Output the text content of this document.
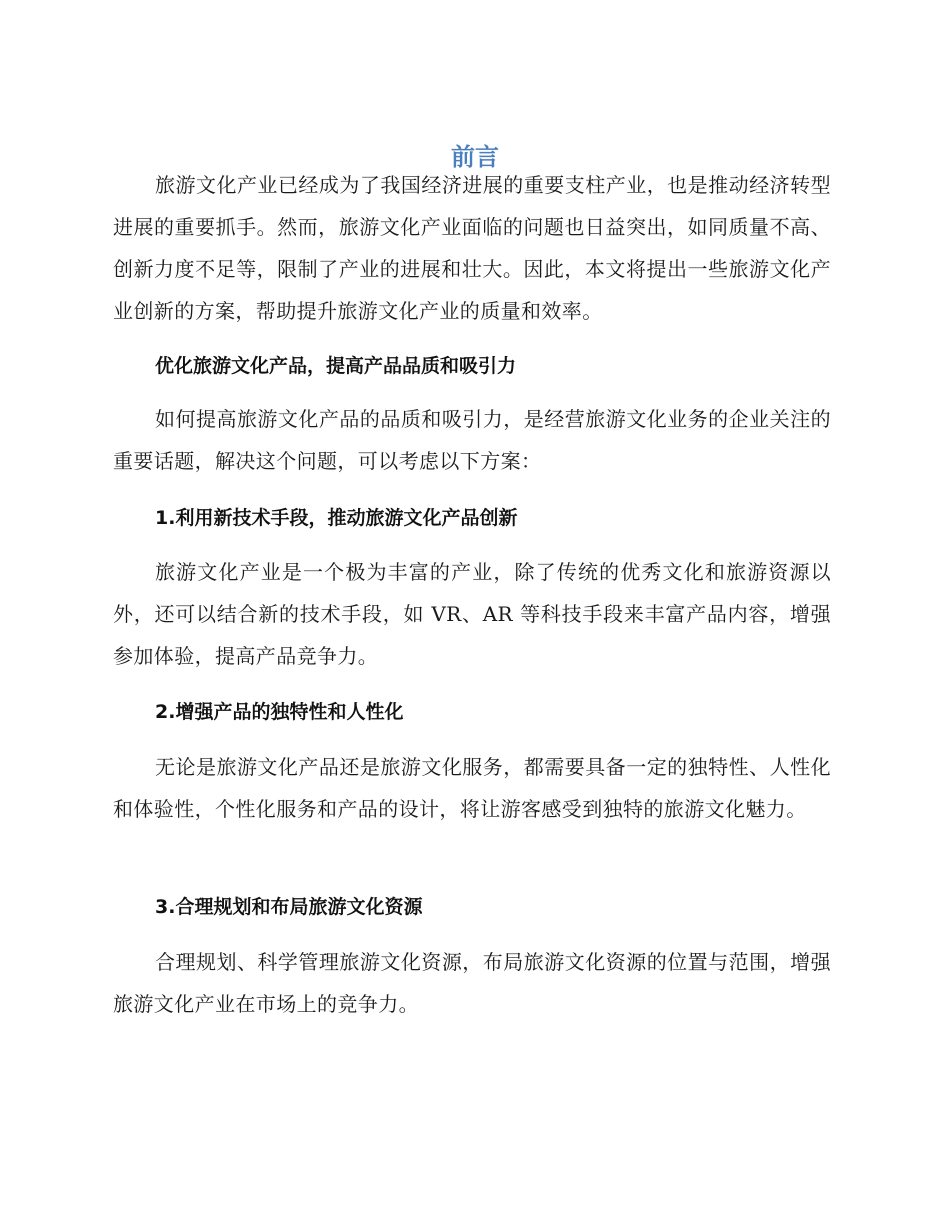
前言

旅游文化产业已经成为了我国经济进展的重要支柱产业，也是推动经济转型进展的重要抓手。然而，旅游文化产业面临的问题也日益突出，如同质量不高、创新力度不足等，限制了产业的进展和壮大。因此，本文将提出一些旅游文化产业创新的方案，帮助提升旅游文化产业的质量和效率。

优化旅游文化产品，提高产品品质和吸引力

如何提高旅游文化产品的品质和吸引力，是经营旅游文化业务的企业关注的重要话题，解决这个问题，可以考虑以下方案：

1.利用新技术手段，推动旅游文化产品创新

旅游文化产业是一个极为丰富的产业，除了传统的优秀文化和旅游资源以外，还可以结合新的技术手段，如 VR、AR 等科技手段来丰富产品内容，增强参加体验，提高产品竞争力。

2.增强产品的独特性和人性化

无论是旅游文化产品还是旅游文化服务，都需要具备一定的独特性、人性化和体验性，个性化服务和产品的设计，将让游客感受到独特的旅游文化魅力。

3.合理规划和布局旅游文化资源

合理规划、科学管理旅游文化资源，布局旅游文化资源的位置与范围，增强旅游文化产业在市场上的竞争力。
